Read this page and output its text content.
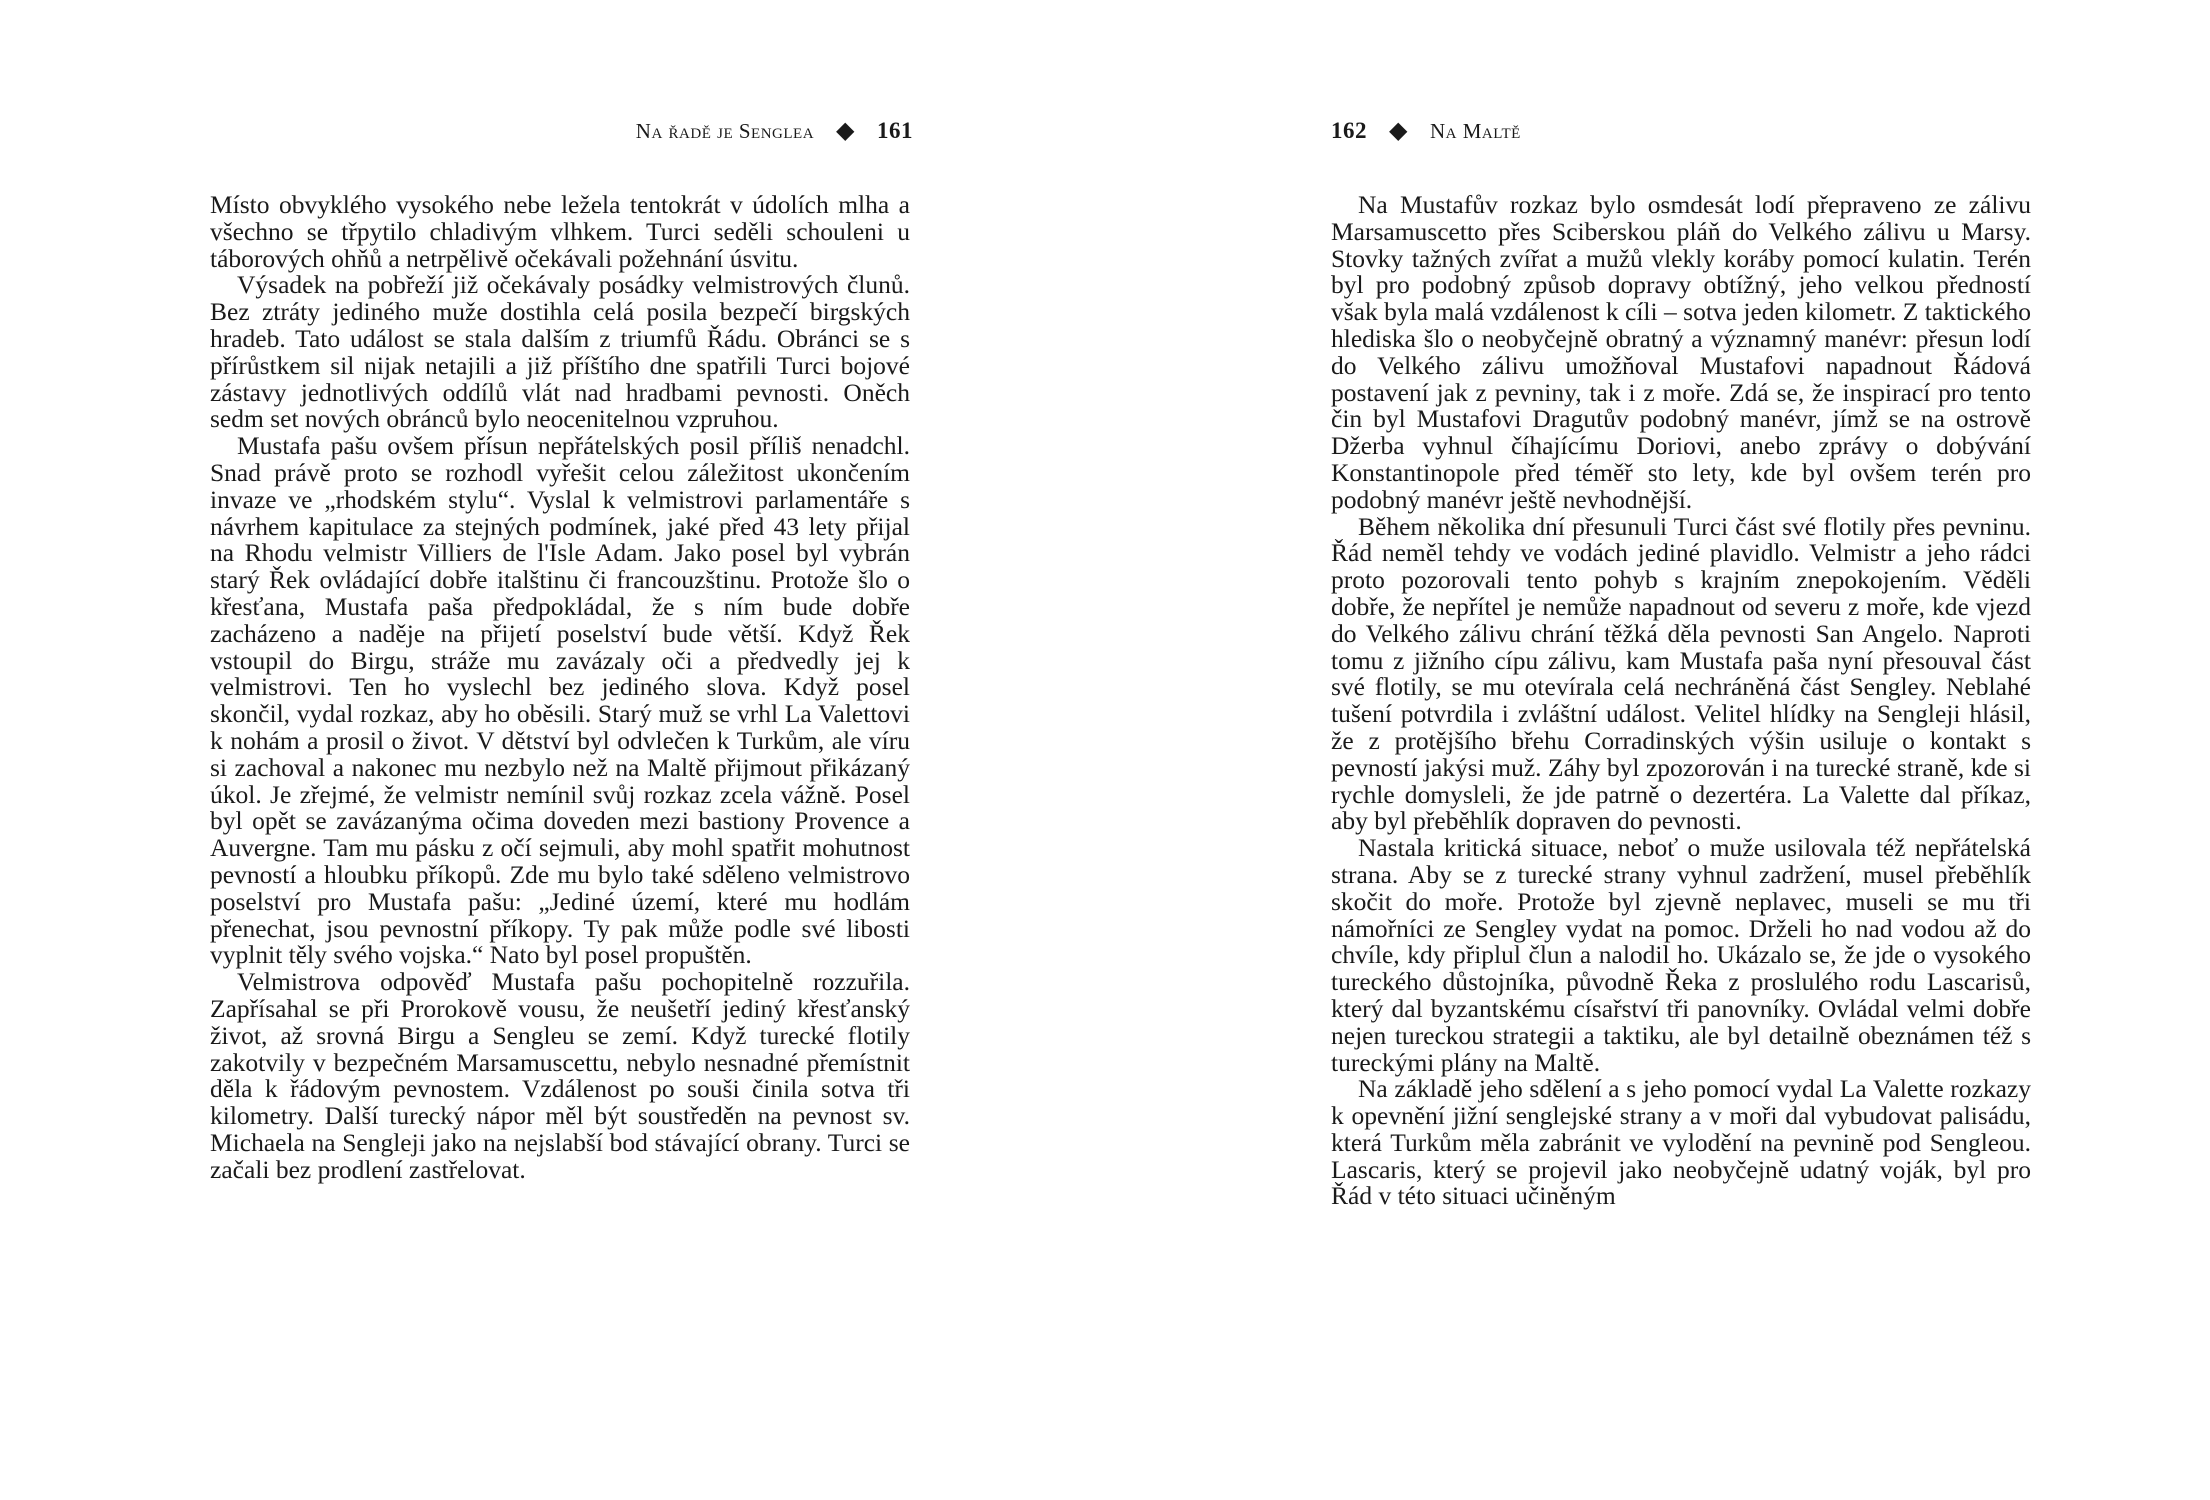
Na řadě je Senglea ◆ 161

Místo obvyklého vysokého nebe ležela tentokrát v údolích mlha a všechno se třpytilo chladivým vlhkem. Turci seděli schouleni u táborových ohňů a netrpělivě očekávali požehnání úsvitu.

Výsadek na pobřeží již očekávaly posádky velmistrových člunů. Bez ztráty jediného muže dostihla celá posila bezpečí birgských hradeb. Tato událost se stala dalším z triumfů Řádu. Obránci se s přírůstkem sil nijak netajili a již příštího dne spatřili Turci bojové zástavy jednotlivých oddílů vlát nad hradbami pevnosti. Oněch sedm set nových obránců bylo neocenitelnou vzpruhou.

Mustafa pašu ovšem přísun nepřátelských posil příliš nenadchl. Snad právě proto se rozhodl vyřešit celou záležitost ukončením invaze ve „rhodském stylu“. Vyslal k velmistrovi parlamentáře s návrhem kapitulace za stejných podmínek, jaké před 43 lety přijal na Rhodu velmistr Villiers de l'Isle Adam. Jako posel byl vybrán starý Řek ovládající dobře italštinu či francouzštinu. Protože šlo o křesťana, Mustafa paša předpokládal, že s ním bude dobře zacházeno a naděje na přijetí poselství bude větší. Když Řek vstoupil do Birgu, stráže mu zavázaly oči a předvedly jej k velmistrovi. Ten ho vyslechl bez jediného slova. Když posel skončil, vydal rozkaz, aby ho oběsili. Starý muž se vrhl La Valettovi k nohám a prosil o život. V dětství byl odvlečen k Turkům, ale víru si zachoval a nakonec mu nezbylo než na Maltě přijmout přikázaný úkol. Je zřejmé, že velmistr nemínil svůj rozkaz zcela vážně. Posel byl opět se zavázanýma očima doveden mezi bastiony Provence a Auvergne. Tam mu pásku z očí sejmuli, aby mohl spatřit mohutnost pevností a hloubku příkopů. Zde mu bylo také sděleno velmistrovo poselství pro Mustafa pašu: „Jediné území, které mu hodlám přenechat, jsou pevnostní příkopy. Ty pak může podle své libosti vyplnit těly svého vojska.“ Nato byl posel propuštěn.

Velmistrova odpověď Mustafa pašu pochopitelně rozzuřila. Zapřísahal se při Prorokově vousu, že neušetří jediný křesťanský život, až srovná Birgu a Sengleu se zemí. Když turecké flotily zakotvily v bezpečném Marsamuscettu, nebylo nesnadné přemístnit děla k řádovým pevnostem. Vzdálenost po souši činila sotva tři kilometry. Další turecký nápor měl být soustředěn na pevnost sv. Michaela na Sengleji jako na nejslabší bod stávající obrany. Turci se začali bez prodlení zastřelovat.

162 ◆ Na Maltě

Na Mustafův rozkaz bylo osmdesát lodí přepraveno ze zálivu Marsamuscetto přes Sciberskou pláň do Velkého zálivu u Marsy. Stovky tažných zvířat a mužů vlekly koráby pomocí kulatin. Terén byl pro podobný způsob dopravy obtížný, jeho velkou předností však byla malá vzdálenost k cíli – sotva jeden kilometr. Z taktického hlediska šlo o neobyčejně obratný a významný manévr: přesun lodí do Velkého zálivu umožňoval Mustafovi napadnout Řádová postavení jak z pevniny, tak i z moře. Zdá se, že inspirací pro tento čin byl Mustafovi Dragutův podobný manévr, jímž se na ostrově Džerba vyhnul číhajícímu Doriovi, anebo zprávy o dobývání Konstantinopole před téměř sto lety, kde byl ovšem terén pro podobný manévr ještě nevhodnější.

Během několika dní přesunuli Turci část své flotily přes pevninu. Řád neměl tehdy ve vodách jediné plavidlo. Velmistr a jeho rádci proto pozorovali tento pohyb s krajním znepokojením. Věděli dobře, že nepřítel je nemůže napadnout od severu z moře, kde vjezd do Velkého zálivu chrání těžká děla pevnosti San Angelo. Naproti tomu z jižního cípu zálivu, kam Mustafa paša nyní přesouval část své flotily, se mu otevírala celá nechráněná část Sengley. Neblahé tušení potvrdila i zvláštní událost. Velitel hlídky na Sengleji hlásil, že z protějšího břehu Corradinských výšin usiluje o kontakt s pevností jakýsi muž. Záhy byl zpozorován i na turecké straně, kde si rychle domysleli, že jde patrně o dezertéra. La Valette dal příkaz, aby byl přeběhlík dopraven do pevnosti.

Nastala kritická situace, neboť o muže usilovala též nepřátelská strana. Aby se z turecké strany vyhnul zadržení, musel přeběhlík skočit do moře. Protože byl zjevně neplavec, museli se mu tři námořníci ze Sengley vydat na pomoc. Drželi ho nad vodou až do chvíle, kdy připlul člun a nalodil ho. Ukázalo se, že jde o vysokého tureckého důstojníka, původně Řeka z proslulého rodu Lascarisů, který dal byzantskému císařství tři panovníky. Ovládal velmi dobře nejen tureckou strategii a taktiku, ale byl detailně obeznámen též s tureckými plány na Maltě.

Na základě jeho sdělení a s jeho pomocí vydal La Valette rozkazy k opevnění jižní senglejské strany a v moři dal vybudovat palisádu, která Turkům měla zabránit ve vylodění na pevnině pod Sengleou. Lascaris, který se projevil jako neobyčejně udatný voják, byl pro Řád v této situaci učiněným
